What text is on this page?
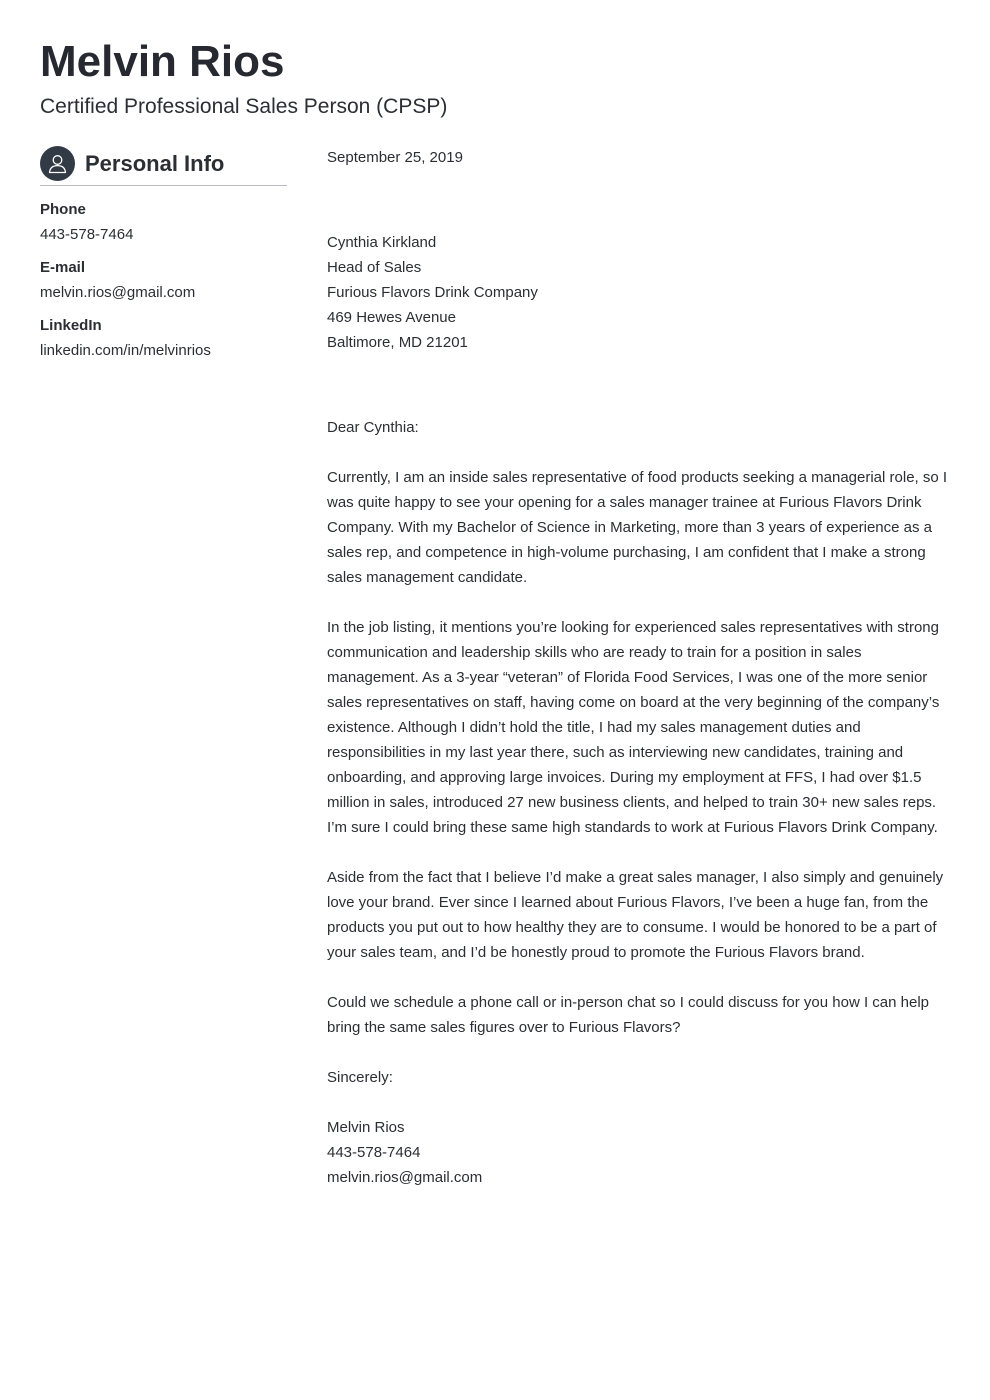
Melvin Rios
Certified Professional Sales Person (CPSP)
Personal Info
Phone
443-578-7464
E-mail
melvin.rios@gmail.com
LinkedIn
linkedin.com/in/melvinrios

September 25, 2019

Cynthia Kirkland

Head of Sales

Furious Flavors Drink Company

469 Hewes Avenue

Baltimore, MD 21201

Dear Cynthia:

Currently, I am an inside sales representative of food products seeking a managerial role, so I was quite happy to see your opening for a sales manager trainee at Furious Flavors Drink Company. With my Bachelor of Science in Marketing, more than 3 years of experience as a sales rep, and competence in high-volume purchasing, I am confident that I make a strong sales management candidate.

In the job listing, it mentions you’re looking for experienced sales representatives with strong communication and leadership skills who are ready to train for a position in sales management. As a 3-year “veteran” of Florida Food Services, I was one of the more senior sales representatives on staff, having come on board at the very beginning of the company’s existence. Although I didn’t hold the title, I had my sales management duties and responsibilities in my last year there, such as interviewing new candidates, training and onboarding, and approving large invoices. During my employment at FFS, I had over $1.5 million in sales, introduced 27 new business clients, and helped to train 30+ new sales reps. I’m sure I could bring these same high standards to work at Furious Flavors Drink Company.

Aside from the fact that I believe I’d make a great sales manager, I also simply and genuinely love your brand. Ever since I learned about Furious Flavors, I’ve been a huge fan, from the products you put out to how healthy they are to consume. I would be honored to be a part of your sales team, and I’d be honestly proud to promote the Furious Flavors brand.

Could we schedule a phone call or in-person chat so I could discuss for you how I can help bring the same sales figures over to Furious Flavors?

Sincerely:

Melvin Rios

443-578-7464

melvin.rios@gmail.com
